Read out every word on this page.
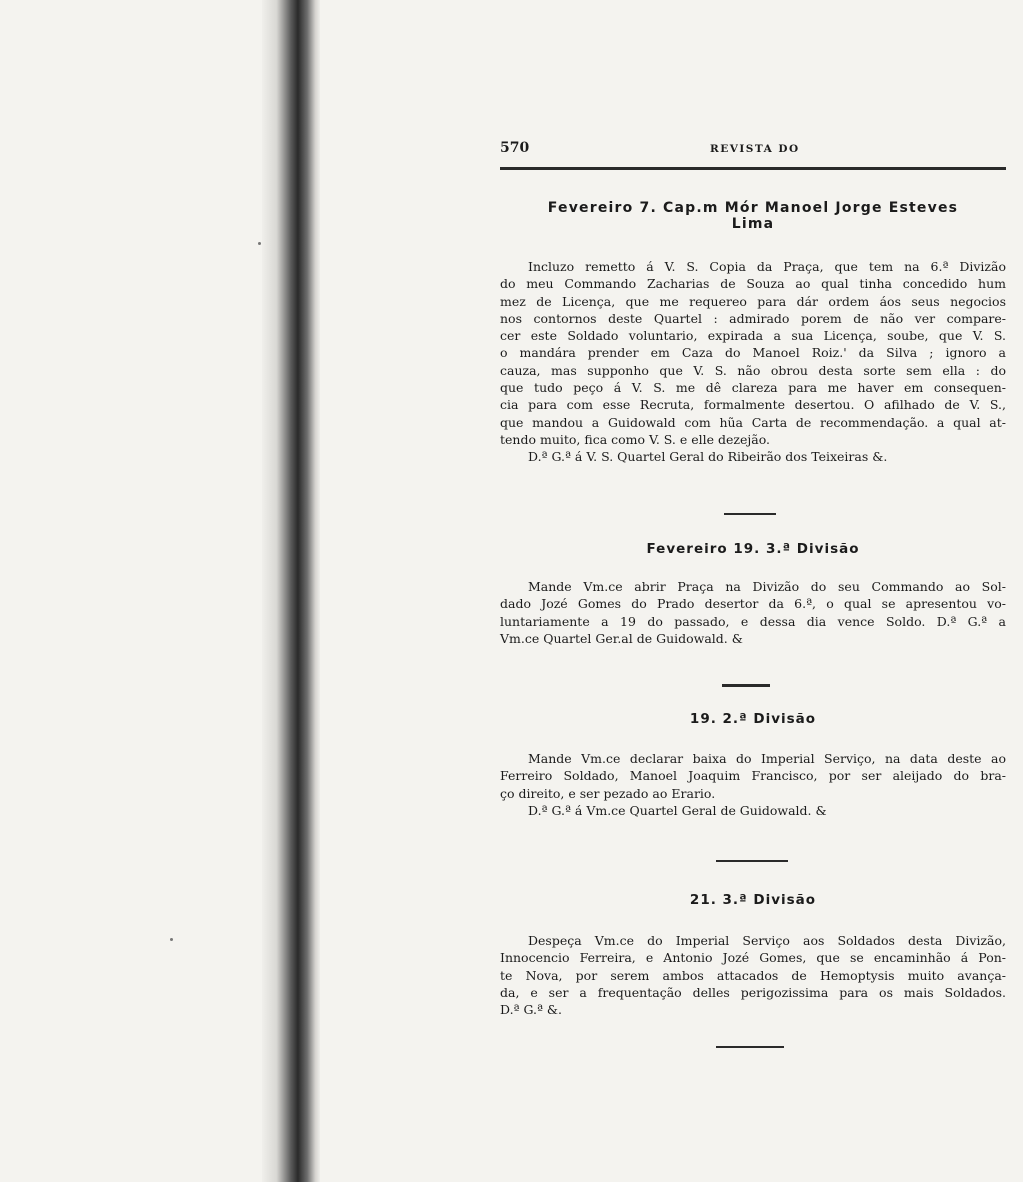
570	REVISTA DO
Fevereiro 7. Cap.m Mór Manoel Jorge Esteves
Lima
Incluzo remetto á V. S. Copia da Praça, que tem na 6.ª Divizão
do meu Commando Zacharias de Souza ao qual tinha concedido hum
mez de Licença, que me requereo para dár ordem áos seus negocios
nos contornos deste Quartel : admirado porem de não ver compare-
cer este Soldado voluntario, expirada a sua Licença, soube, que V. S.
o mandára prender em Caza do Manoel Roiz.' da Silva ; ignoro a
cauza, mas supponho que V. S. não obrou desta sorte sem ella : do
que tudo peço á V. S. me dê clareza para me haver em consequen-
cia para com esse Recruta, formalmente desertou. O afilhado de V. S.,
que mandou a Guidowald com hũa Carta de recommendação. a qual at-
tendo muito, fica como V. S. e elle dezejão.
D.ª G.ª á V. S. Quartel Geral do Ribeirão dos Teixeiras &.
Fevereiro 19. 3.ª Divisão
Mande Vm.ce abrir Praça na Divizão do seu Commando ao Sol-
dado Jozé Gomes do Prado desertor da 6.ª, o qual se apresentou vo-
luntariamente a 19 do passado, e dessa dia vence Soldo. D.ª G.ª a
Vm.ce Quartel Ger.al de Guidowald. &
19. 2.ª Divisão
Mande Vm.ce declarar baixa do Imperial Serviço, na data deste ao
Ferreiro Soldado, Manoel Joaquim Francisco, por ser aleijado do bra-
ço direito, e ser pezado ao Erario.
D.ª G.ª á Vm.ce Quartel Geral de Guidowald. &
21. 3.ª Divisão
Despeça Vm.ce do Imperial Serviço aos Soldados desta Divizão,
Innocencio Ferreira, e Antonio Jozé Gomes, que se encaminhão á Pon-
te Nova, por serem ambos attacados de Hemoptysis muito avança-
da, e ser a frequentação delles perigozissima para os mais Soldados.
D.ª G.ª &.
